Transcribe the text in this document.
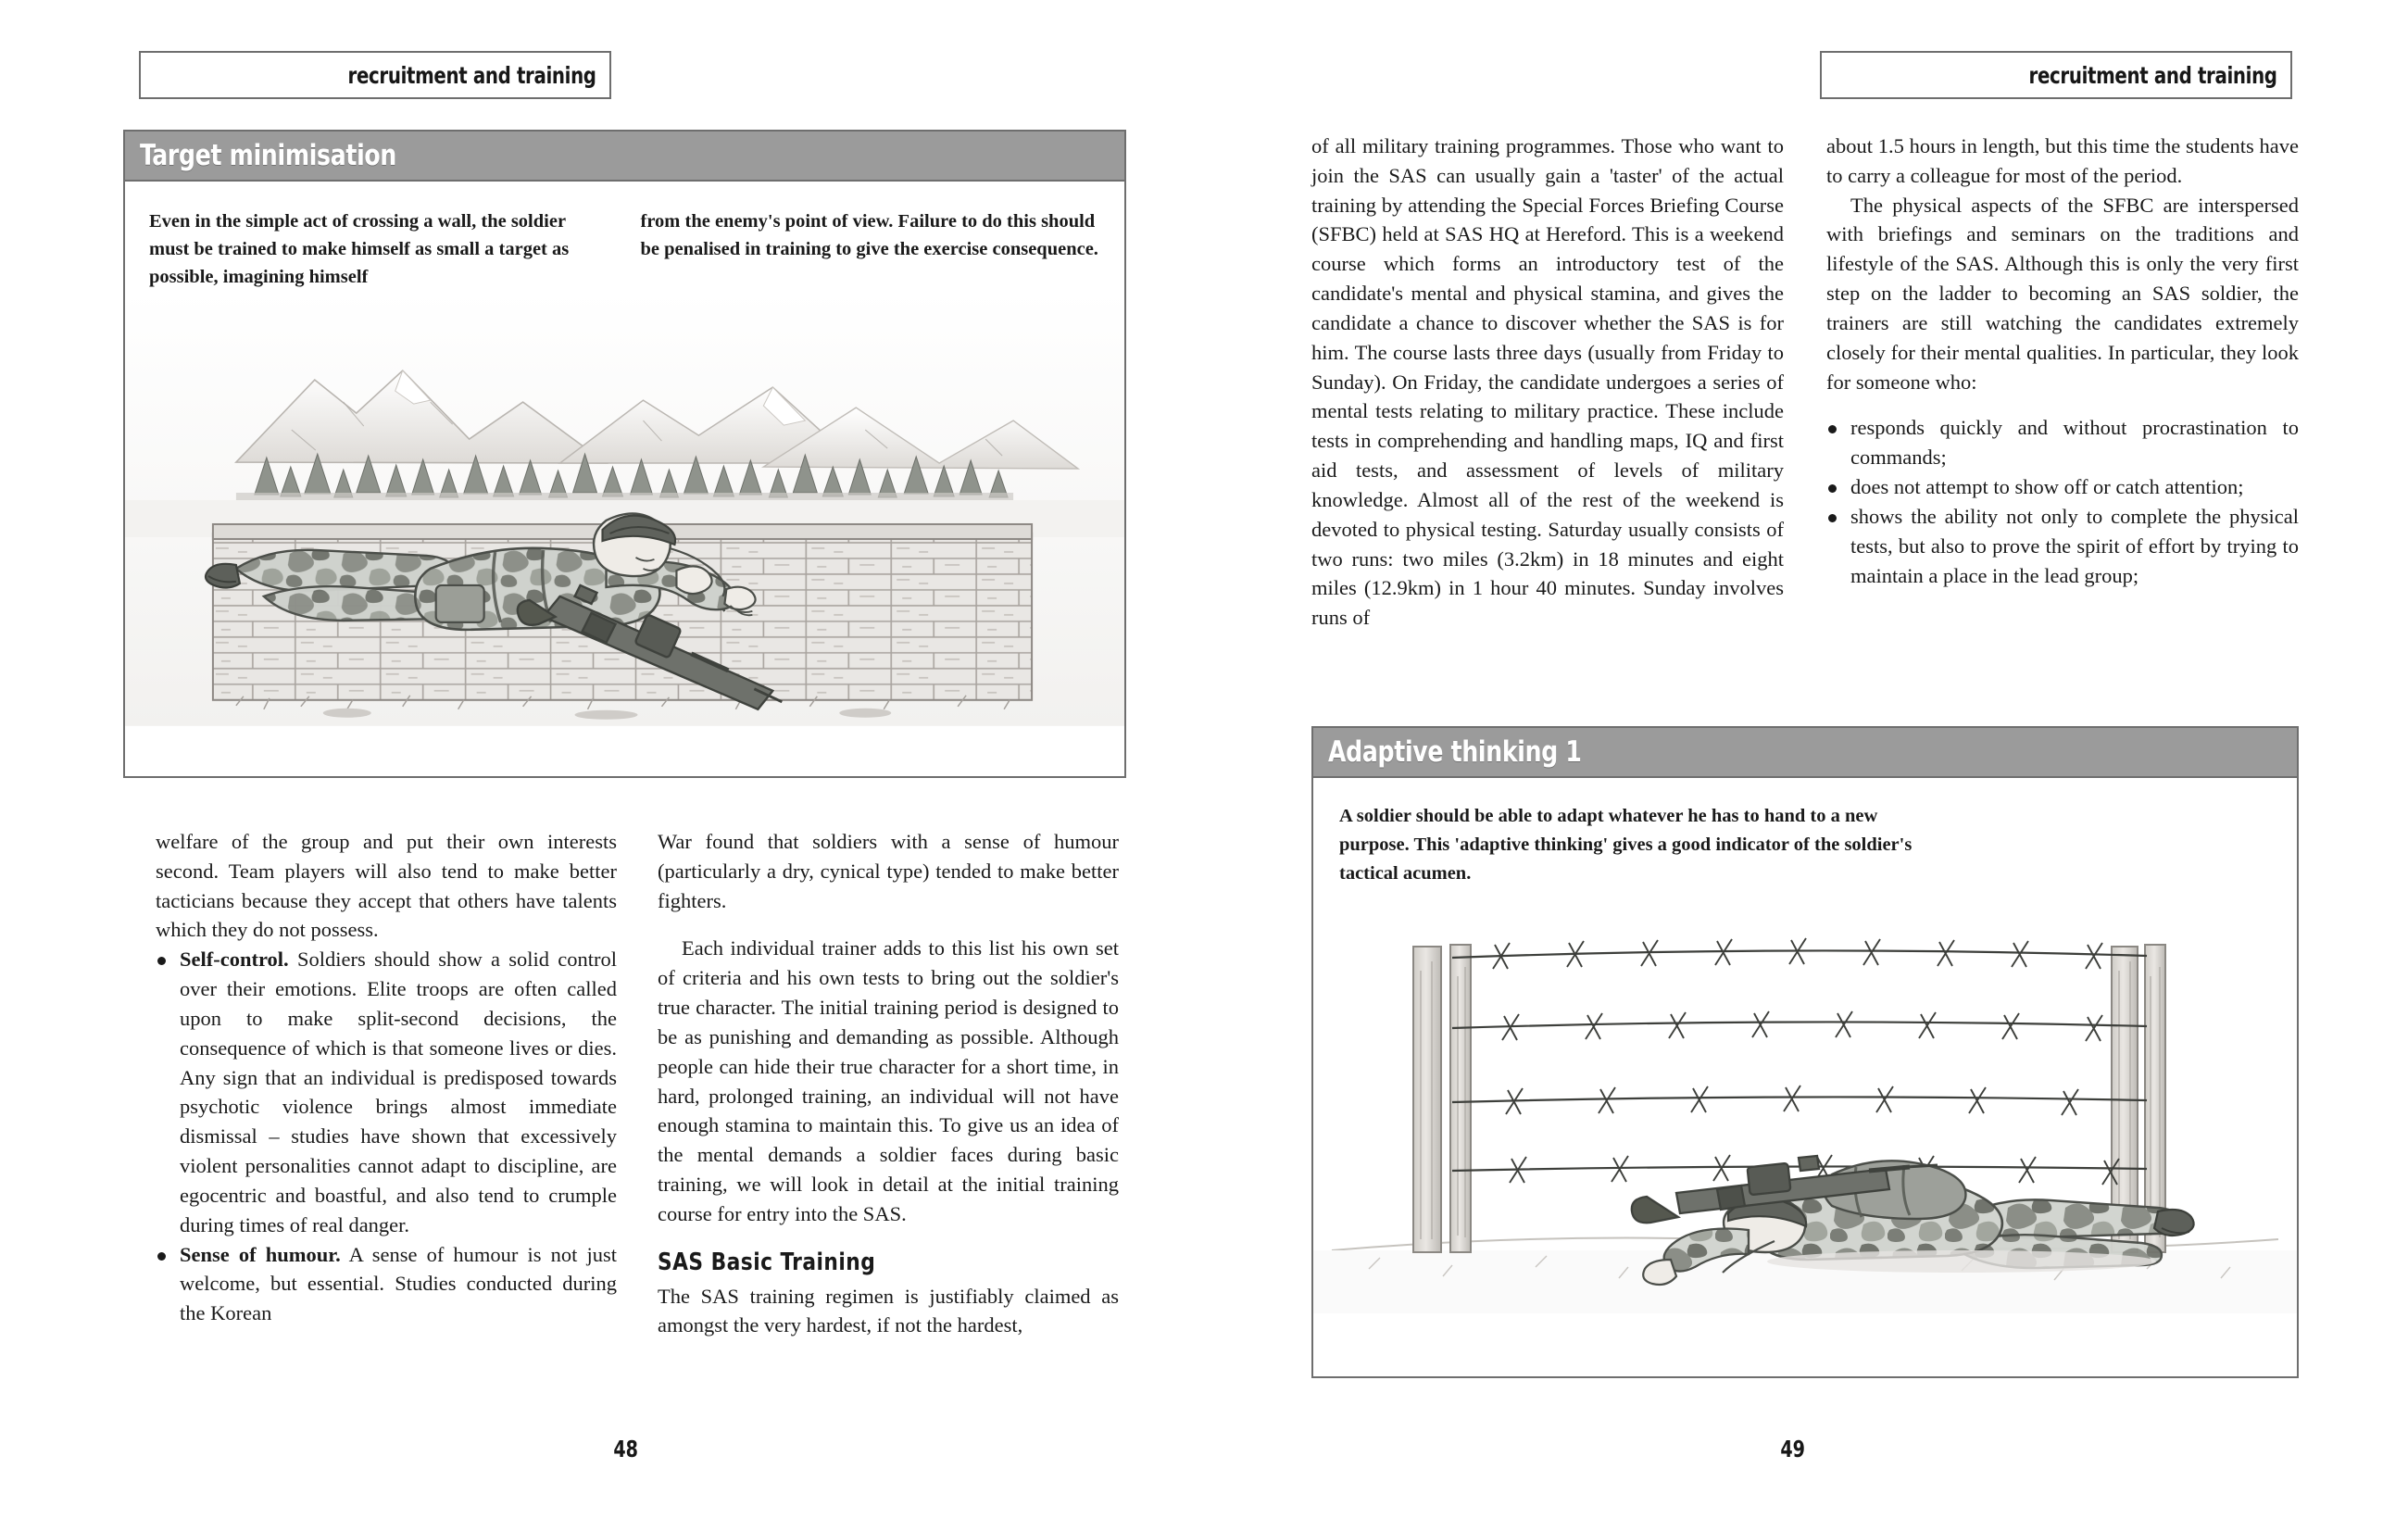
recruitment and training
Target minimisation

Even in the simple act of crossing a wall, the soldier must be trained to make himself as small a target as possible, imagining himself

from the enemy's point of view. Failure to do this should be penalised in training to give the exercise consequence.

welfare of the group and put their own interests second. Team players will also tend to make better tacticians because they accept that others have talents which they do not possess.

Self-control. Soldiers should show a solid control over their emotions. Elite troops are often called upon to make split-second decisions, the consequence of which is that someone lives or dies. Any sign that an individual is predisposed towards psychotic violence brings almost immediate dismissal – studies have shown that excessively violent personalities cannot adapt to discipline, are egocentric and boastful, and also tend to crumple during times of real danger.
Sense of humour. A sense of humour is not just welcome, but essential. Studies conducted during the Korean

War found that soldiers with a sense of humour (particularly a dry, cynical type) tended to make better fighters.

Each individual trainer adds to this list his own set of criteria and his own tests to bring out the soldier's true character. The initial training period is designed to be as punishing and demanding as possible. Although people can hide their true character for a short time, in hard, prolonged training, an individual will not have enough stamina to maintain this. To give us an idea of the mental demands a soldier faces during basic training, we will look in detail at the initial training course for entry into the SAS.

SAS Basic Training

The SAS training regimen is justifiably claimed as amongst the very hardest, if not the hardest,

48
recruitment and training

of all military training programmes. Those who want to join the SAS can usually gain a 'taster' of the actual training by attending the Special Forces Briefing Course (SFBC) held at SAS HQ at Hereford. This is a weekend course which forms an introductory test of the candidate's mental and physical stamina, and gives the candidate a chance to discover whether the SAS is for him. The course lasts three days (usually from Friday to Sunday). On Friday, the candidate undergoes a series of mental tests relating to military practice. These include tests in comprehending and handling maps, IQ and first aid tests, and assessment of levels of military knowledge. Almost all of the rest of the weekend is devoted to physical testing. Saturday usually consists of two runs: two miles (3.2km) in 18 minutes and eight miles (12.9km) in 1 hour 40 minutes. Sunday involves runs of

about 1.5 hours in length, but this time the students have to carry a colleague for most of the period.

The physical aspects of the SFBC are interspersed with briefings and seminars on the traditions and lifestyle of the SAS. Although this is only the very first step on the ladder to becoming an SAS soldier, the trainers are still watching the candidates extremely closely for their mental qualities. In particular, they look for someone who:

responds quickly and without procrastination to commands;
does not attempt to show off or catch attention;
shows the ability not only to complete the physical tests, but also to prove the spirit of effort by trying to maintain a place in the lead group;
Adaptive thinking 1

A soldier should be able to adapt whatever he has to hand to a new purpose. This 'adaptive thinking' gives a good indicator of the soldier's tactical acumen.

49
